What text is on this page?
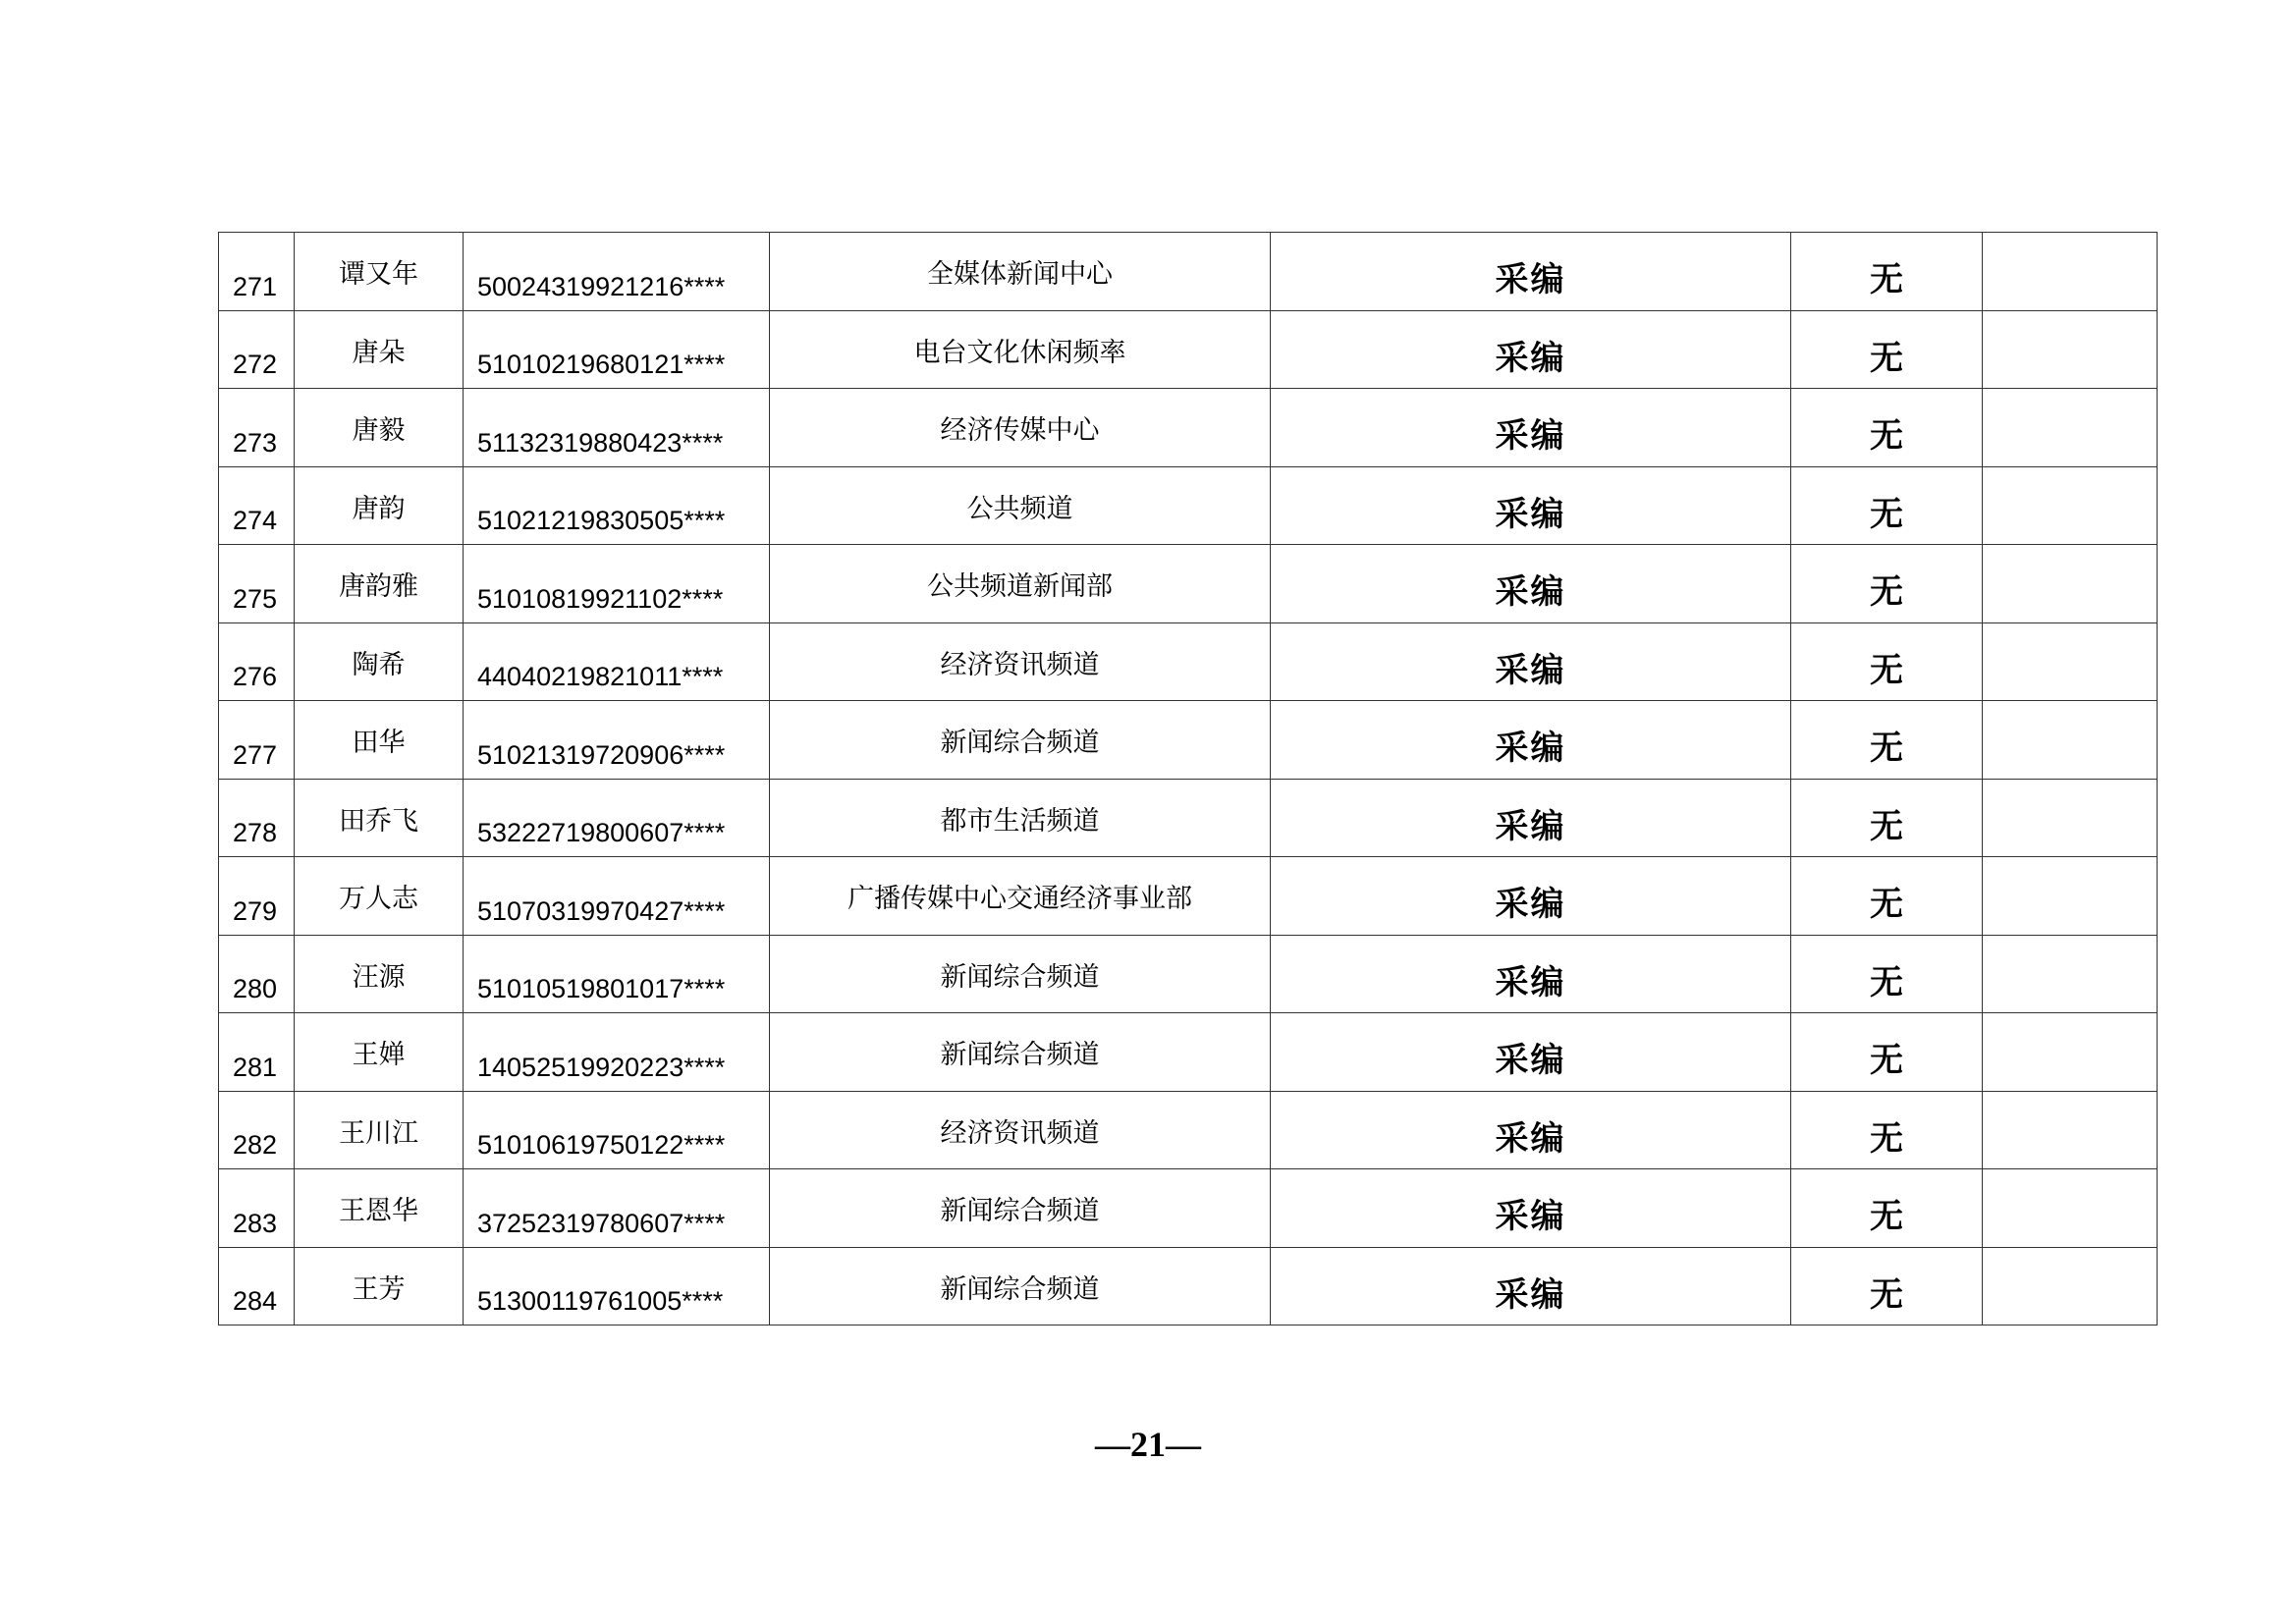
271	谭又年	50024319921216****	全媒体新闻中心	采编	无	

272	唐朵	51010219680121****	电台文化休闲频率	采编	无	

273	唐毅	51132319880423****	经济传媒中心	采编	无	

274	唐韵	51021219830505****	公共频道	采编	无	

275	唐韵雅	51010819921102****	公共频道新闻部	采编	无	

276	陶希	44040219821011****	经济资讯频道	采编	无	

277	田华	51021319720906****	新闻综合频道	采编	无	

278	田乔飞	53222719800607****	都市生活频道	采编	无	

279	万人志	51070319970427****	广播传媒中心交通经济事业部	采编	无	

280	汪源	51010519801017****	新闻综合频道	采编	无	

281	王婵	14052519920223****	新闻综合频道	采编	无	

282	王川江	51010619750122****	经济资讯频道	采编	无	

283	王恩华	37252319780607****	新闻综合频道	采编	无	

284	王芳	51300119761005****	新闻综合频道	采编	无	

—21—
